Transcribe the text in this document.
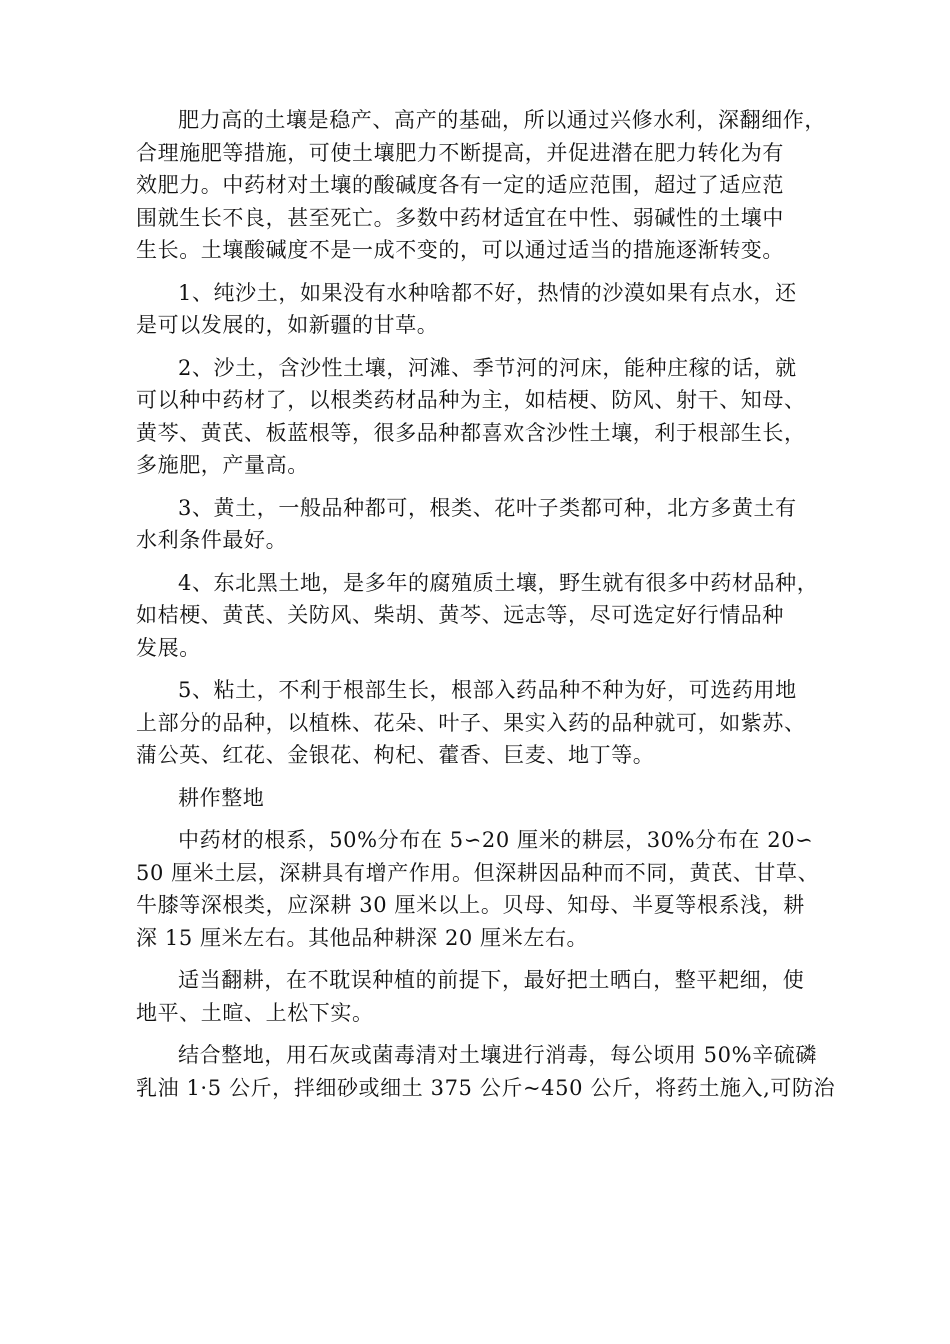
肥力高的土壤是稳产、高产的基础，所以通过兴修水利，深翻细作，
合理施肥等措施，可使土壤肥力不断提高，并促进潜在肥力转化为有
效肥力。中药材对土壤的酸碱度各有一定的适应范围，超过了适应范
围就生长不良，甚至死亡。多数中药材适宜在中性、弱碱性的土壤中
生长。土壤酸碱度不是一成不变的，可以通过适当的措施逐渐转变。
1、纯沙土，如果没有水种啥都不好，热情的沙漠如果有点水，还
是可以发展的，如新疆的甘草。
2、沙土，含沙性土壤，河滩、季节河的河床，能种庄稼的话，就
可以种中药材了，以根类药材品种为主，如桔梗、防风、射干、知母、
黄芩、黄芪、板蓝根等，很多品种都喜欢含沙性土壤，利于根部生长，
多施肥，产量高。
3、黄土，一般品种都可，根类、花叶子类都可种，北方多黄土有
水利条件最好。
4、东北黑土地，是多年的腐殖质土壤，野生就有很多中药材品种，
如桔梗、黄芪、关防风、柴胡、黄芩、远志等，尽可选定好行情品种
发展。
5、粘土，不利于根部生长，根部入药品种不种为好，可选药用地
上部分的品种，以植株、花朵、叶子、果实入药的品种就可，如紫苏、
蒲公英、红花、金银花、枸杞、藿香、巨麦、地丁等。
耕作整地
中药材的根系，50%分布在 5∽20 厘米的耕层，30%分布在 20∽
50 厘米土层，深耕具有增产作用。但深耕因品种而不同，黄芪、甘草、
牛膝等深根类，应深耕 30 厘米以上。贝母、知母、半夏等根系浅，耕
深 15 厘米左右。其他品种耕深 20 厘米左右。
适当翻耕，在不耽误种植的前提下，最好把土晒白，整平耙细，使
地平、土暄、上松下实。
结合整地，用石灰或菌毒清对土壤进行消毒，每公顷用 50%辛硫磷
乳油 1·5 公斤，拌细砂或细土 375 公斤~450 公斤，将药土施入,可防治
